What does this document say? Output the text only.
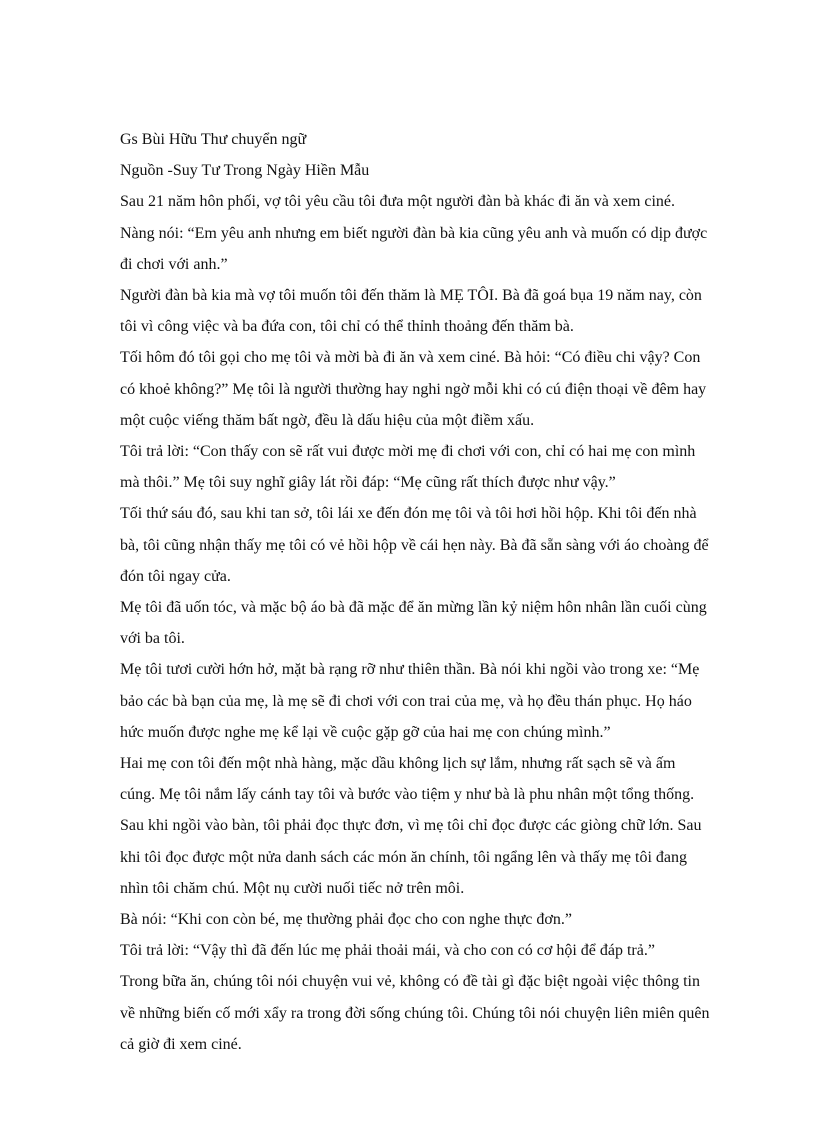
Gs Bùi Hữu Thư chuyển ngữ

Nguồn -Suy Tư Trong Ngày Hiền Mẫu

Sau 21 năm hôn phối, vợ tôi yêu cầu tôi đưa một người đàn bà khác đi ăn và xem ciné.

Nàng nói: “Em yêu anh nhưng em biết người đàn bà kia cũng yêu anh và muốn có dịp được đi chơi với anh.”

Người đàn bà kia mà vợ tôi muốn tôi đến thăm là MẸ TÔI. Bà đã goá bụa 19 năm nay, còn tôi vì công việc và ba đứa con, tôi chỉ có thể thỉnh thoảng đến thăm bà.

Tối hôm đó tôi gọi cho mẹ tôi và mời bà đi ăn và xem ciné. Bà hỏi: “Có điều chi vậy? Con có khoẻ không?” Mẹ tôi là người thường hay nghi ngờ mỗi khi có cú điện thoại về đêm hay một cuộc viếng thăm bất ngờ, đều là dấu hiệu của một điềm xấu.

Tôi trả lời: “Con thấy con sẽ rất vui được mời mẹ đi chơi với con, chỉ có hai mẹ con mình mà thôi.” Mẹ tôi suy nghĩ giây lát rồi đáp: “Mẹ cũng rất thích được như vậy.”

Tối thứ sáu đó, sau khi tan sở, tôi lái xe đến đón mẹ tôi và tôi hơi hồi hộp. Khi tôi đến nhà bà, tôi cũng nhận thấy mẹ tôi có vẻ hồi hộp về cái hẹn này. Bà đã sẵn sàng với áo choàng để đón tôi ngay cửa.

Mẹ tôi đã uốn tóc, và mặc bộ áo bà đã mặc để ăn mừng lần kỷ niệm hôn nhân lần cuối cùng với ba tôi.

Mẹ tôi tươi cười hớn hở, mặt bà rạng rỡ như thiên thần. Bà nói khi ngồi vào trong xe: “Mẹ bảo các bà bạn của mẹ, là mẹ sẽ đi chơi với con trai của mẹ, và họ đều thán phục. Họ háo hức muốn được nghe mẹ kể lại về cuộc gặp gỡ của hai mẹ con chúng mình.”

Hai mẹ con tôi đến một nhà hàng, mặc dầu không lịch sự lắm, nhưng rất sạch sẽ và ấm cúng. Mẹ tôi nắm lấy cánh tay tôi và bước vào tiệm y như bà là phu nhân một tổng thống. Sau khi ngồi vào bàn, tôi phải đọc thực đơn, vì mẹ tôi chỉ đọc được các giòng chữ lớn. Sau khi tôi đọc được một nửa danh sách các món ăn chính, tôi ngẩng lên và thấy mẹ tôi đang nhìn tôi chăm chú. Một nụ cười nuối tiếc nở trên môi.

Bà nói: “Khi con còn bé, mẹ thường phải đọc cho con nghe thực đơn.”

Tôi trả lời: “Vậy thì đã đến lúc mẹ phải thoải mái, và cho con có cơ hội để đáp trả.”

Trong bữa ăn, chúng tôi nói chuyện vui vẻ, không có đề tài gì đặc biệt ngoài việc thông tin về những biến cố mới xẩy ra trong đời sống chúng tôi. Chúng tôi nói chuyện liên miên quên cả giờ đi xem ciné.
